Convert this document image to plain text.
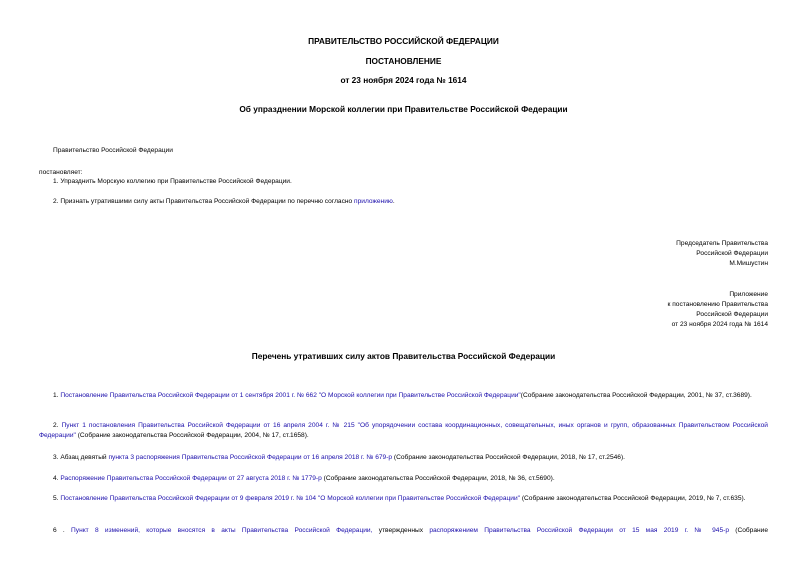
ПРАВИТЕЛЬСТВО РОССИЙСКОЙ ФЕДЕРАЦИИ
ПОСТАНОВЛЕНИЕ
от 23 ноября 2024 года № 1614
Об упразднении Морской коллегии при Правительстве Российской Федерации
Правительство Российской Федерации
постановляет:
1. Упразднить Морскую коллегию при Правительстве Российской Федерации.
2. Признать утратившими силу акты Правительства Российской Федерации по перечню согласно приложению.
Председатель Правительства
Российской Федерации
М.Мишустин
Приложение
к постановлению Правительства
Российской Федерации
от 23 ноября 2024 года № 1614
Перечень утративших силу актов Правительства Российской Федерации
1. Постановление Правительства Российской Федерации от 1 сентября 2001 г. № 662 "О Морской коллегии при Правительстве Российской Федерации"(Собрание законодательства Российской Федерации, 2001, № 37, ст.3689).
2. Пункт 1 постановления Правительства Российской Федерации от 16 апреля 2004 г. № 215 "Об упорядочении состава координационных, совещательных, иных органов и групп, образованных Правительством Российской Федерации" (Собрание законодательства Российской Федерации, 2004, № 17, ст.1658).
3. Абзац девятый пункта 3 распоряжения Правительства Российской Федерации от 16 апреля 2018 г. № 679-р (Собрание законодательства Российской Федерации, 2018, № 17, ст.2546).
4. Распоряжение Правительства Российской Федерации от 27 августа 2018 г. № 1779-р (Собрание законодательства Российской Федерации, 2018, № 36, ст.5690).
5. Постановление Правительства Российской Федерации от 9 февраля 2019 г. № 104 "О Морской коллегии при Правительстве Российской Федерации" (Собрание законодательства Российской Федерации, 2019, № 7, ст.635).
6 . Пункт 8 изменений, которые вносятся в акты Правительства Российской Федерации, утвержденных распоряжением Правительства Российской Федерации от 15 мая 2019 г. № 945-р (Собрание
